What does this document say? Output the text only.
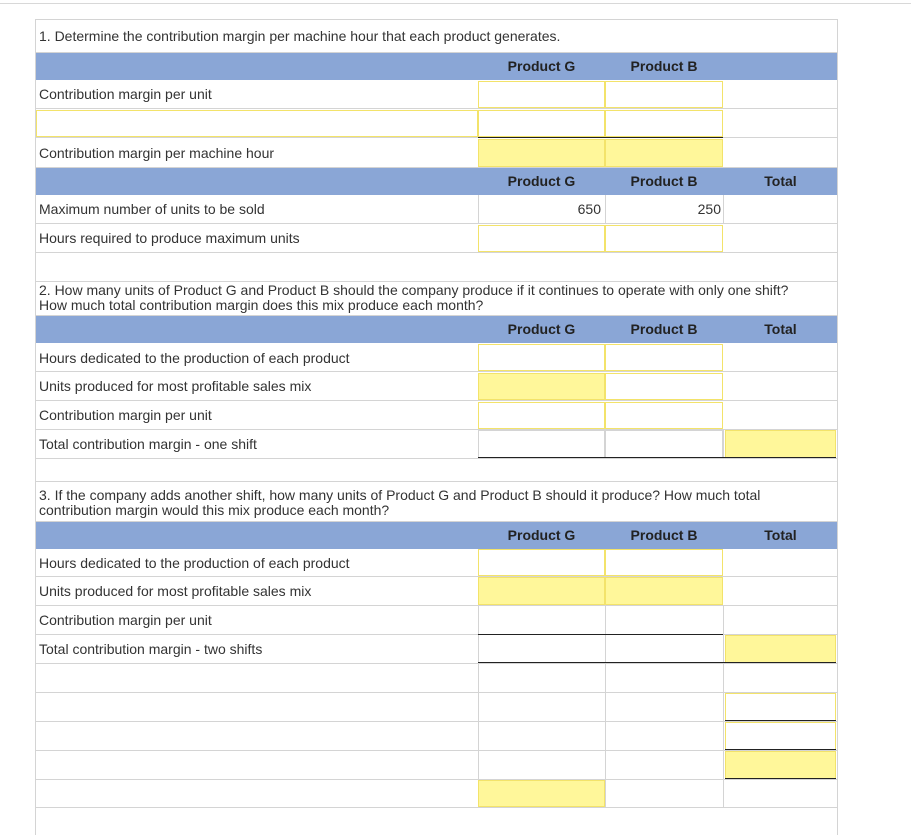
1. Determine the contribution margin per machine hour that each product generates.
Product G	Product B
Contribution margin per unit
Contribution margin per machine hour
Product G	Product B	Total
Maximum number of units to be sold	650	250
Hours required to produce maximum units
2. How many units of Product G and Product B should the company produce if it continues to operate with only one shift?
How much total contribution margin does this mix produce each month?
Product G	Product B	Total
Hours dedicated to the production of each product
Units produced for most profitable sales mix
Contribution margin per unit
Total contribution margin - one shift
3. If the company adds another shift, how many units of Product G and Product B should it produce? How much total
contribution margin would this mix produce each month?
Product G	Product B	Total
Hours dedicated to the production of each product
Units produced for most profitable sales mix
Contribution margin per unit
Total contribution margin - two shifts
